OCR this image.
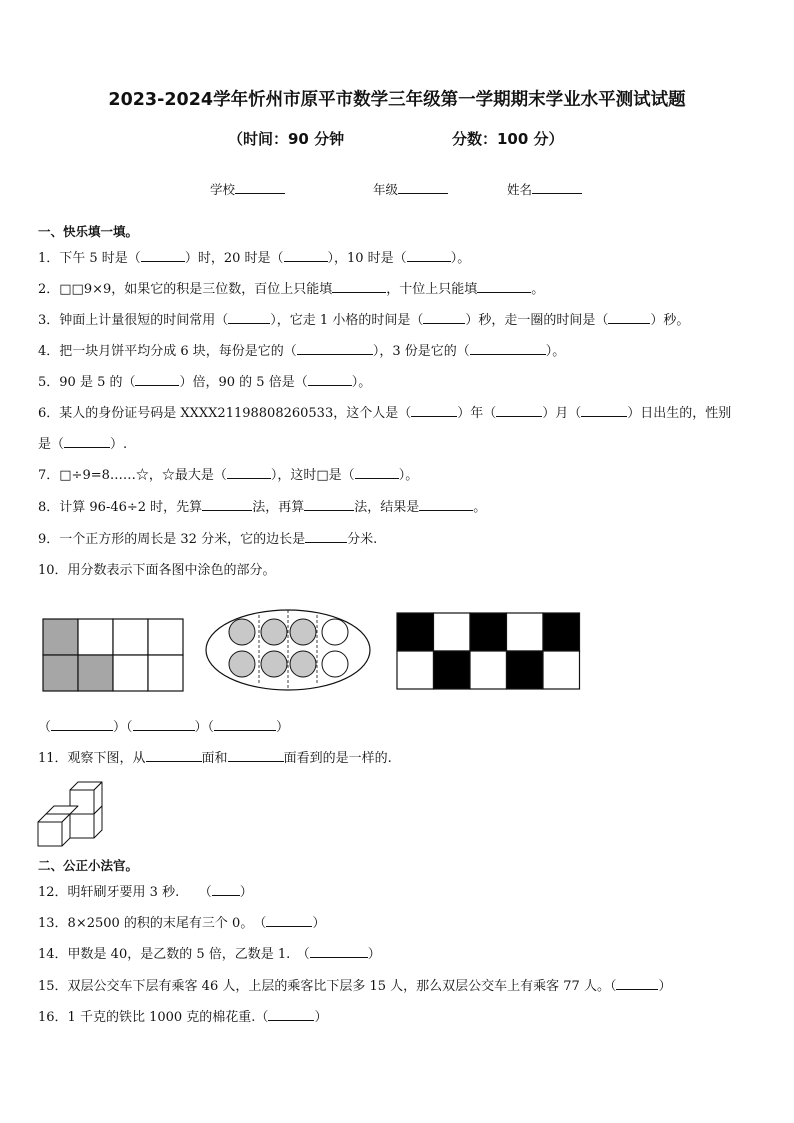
2023-2024学年忻州市原平市数学三年级第一学期期末学业水平测试试题
（时间：90 分钟	分数：100 分）
学校	年级	姓名
一、快乐填一填。
1．下午 5 时是（	）时，20 时是（	），10 时是（	）。
2．□□9×9，如果它的积是三位数，百位上只能填	，十位上只能填	。
3．钟面上计量很短的时间常用（	），它走 1 小格的时间是（	）秒，走一圈的时间是（	）秒。
4．把一块月饼平均分成 6 块，每份是它的（	），3 份是它的（	）。
5．90 是 5 的（	）倍，90 的 5 倍是（	）。
6．某人的身份证号码是 XXXX21198808260533，这个人是（	）年（	）月（	）日出生的，性别
是（	）.
7．□÷9=8……☆，☆最大是（	），这时□是（	）。
8．计算 96-46÷2 时，先算	法，再算	法，结果是	。
9．一个正方形的周长是 32 分米，它的边长是	分米.
10．用分数表示下面各图中涂色的部分。
（	）（	）（	）
11．观察下图，从	面和	面看到的是一样的.
二、公正小法官。
12．明轩刷牙要用 3 秒.　　（ ）
13．8×2500 的积的末尾有三个 0。　（	）
14．甲数是 40，是乙数的 5 倍，乙数是 1.　（	）
15．双层公交车下层有乘客 46 人，上层的乘客比下层多 15 人，那么双层公交车上有乘客 77 人。（	）
16．1 千克的铁比 1000 克的棉花重.（	）
